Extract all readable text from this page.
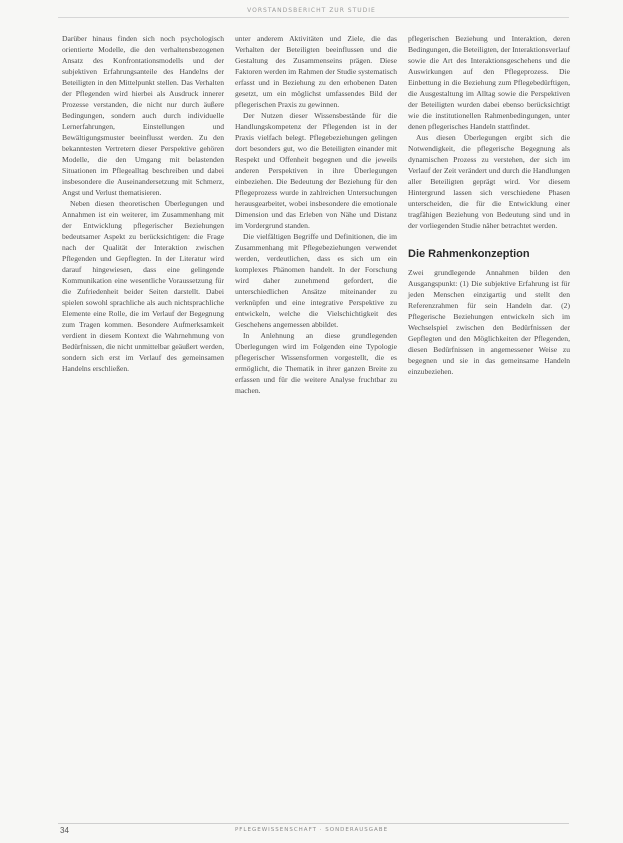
VORSTANDSBERICHT ZUR STUDIE

Darüber hinaus finden sich noch psychologisch orientierte Modelle, die den verhaltensbezogenen Ansatz des Konfrontationsmodells und der subjektiven Erfahrungsanteile des Handelns der Beteiligten in den Mittelpunkt stellen. Das Verhalten der Pflegenden wird hierbei als Ausdruck innerer Prozesse verstanden, die nicht nur durch äußere Bedingungen, sondern auch durch individuelle Lernerfahrungen, Einstellungen und Bewältigungsmuster beeinflusst werden. Zu den bekanntesten Vertretern dieser Perspektive gehören Modelle, die den Umgang mit belastenden Situationen im Pflegealltag beschreiben und dabei insbesondere die Auseinandersetzung mit Schmerz, Angst und Verlust thematisieren.

Neben diesen theoretischen Überlegungen und Annahmen ist ein weiterer, im Zusammenhang mit der Entwicklung pflegerischer Beziehungen bedeutsamer Aspekt zu berücksichtigen: die Frage nach der Qualität der Interaktion zwischen Pflegenden und Gepflegten. In der Literatur wird darauf hingewiesen, dass eine gelingende Kommunikation eine wesentliche Voraussetzung für die Zufriedenheit beider Seiten darstellt. Dabei spielen sowohl sprachliche als auch nichtsprachliche Elemente eine Rolle, die im Verlauf der Begegnung zum Tragen kommen. Besondere Aufmerksamkeit verdient in diesem Kontext die Wahrnehmung von Bedürfnissen, die nicht unmittelbar geäußert werden, sondern sich erst im Verlauf des gemeinsamen Handelns erschließen.

unter anderem Aktivitäten und Ziele, die das Verhalten der Beteiligten beeinflussen und die Gestaltung des Zusammenseins prägen. Diese Faktoren werden im Rahmen der Studie systematisch erfasst und in Beziehung zu den erhobenen Daten gesetzt, um ein möglichst umfassendes Bild der pflegerischen Praxis zu gewinnen.

Der Nutzen dieser Wissensbestände für die Handlungskompetenz der Pflegenden ist in der Praxis vielfach belegt. Pflegebeziehungen gelingen dort besonders gut, wo die Beteiligten einander mit Respekt und Offenheit begegnen und die jeweils anderen Perspektiven in ihre Überlegungen einbeziehen. Die Bedeutung der Beziehung für den Pflegeprozess wurde in zahlreichen Untersuchungen herausgearbeitet, wobei insbesondere die emotionale Dimension und das Erleben von Nähe und Distanz im Vordergrund standen.

Die vielfältigen Begriffe und Definitionen, die im Zusammenhang mit Pflegebeziehungen verwendet werden, verdeutlichen, dass es sich um ein komplexes Phänomen handelt. In der Forschung wird daher zunehmend gefordert, die unterschiedlichen Ansätze miteinander zu verknüpfen und eine integrative Perspektive zu entwickeln, welche die Vielschichtigkeit des Geschehens angemessen abbildet.

In Anlehnung an diese grundlegenden Überlegungen wird im Folgenden eine Typologie pflegerischer Wissensformen vorgestellt, die es ermöglicht, die Thematik in ihrer ganzen Breite zu erfassen und für die weitere Analyse fruchtbar zu machen.

pflegerischen Beziehung und Interaktion, deren Bedingungen, die Beteiligten, der Interaktionsverlauf sowie die Art des Interaktionsgeschehens und die Auswirkungen auf den Pflegeprozess. Die Einbettung in die Beziehung zum Pflegebedürftigen, die Ausgestaltung im Alltag sowie die Perspektiven der Beteiligten wurden dabei ebenso berücksichtigt wie die institutionellen Rahmenbedingungen, unter denen pflegerisches Handeln stattfindet.

Aus diesen Überlegungen ergibt sich die Notwendigkeit, die pflegerische Begegnung als dynamischen Prozess zu verstehen, der sich im Verlauf der Zeit verändert und durch die Handlungen aller Beteiligten geprägt wird. Vor diesem Hintergrund lassen sich verschiedene Phasen unterscheiden, die für die Entwicklung einer tragfähigen Beziehung von Bedeutung sind und in der vorliegenden Studie näher betrachtet werden.

Die Rahmenkonzeption

Zwei grundlegende Annahmen bilden den Ausgangspunkt: (1) Die subjektive Erfahrung ist für jeden Menschen einzigartig und stellt den Referenzrahmen für sein Handeln dar. (2) Pflegerische Beziehungen entwickeln sich im Wechselspiel zwischen den Bedürfnissen der Gepflegten und den Möglichkeiten der Pflegenden, diesen Bedürfnissen in angemessener Weise zu begegnen und sie in das gemeinsame Handeln einzubeziehen.

34	PFLEGEWISSENSCHAFT · SONDERAUSGABE
